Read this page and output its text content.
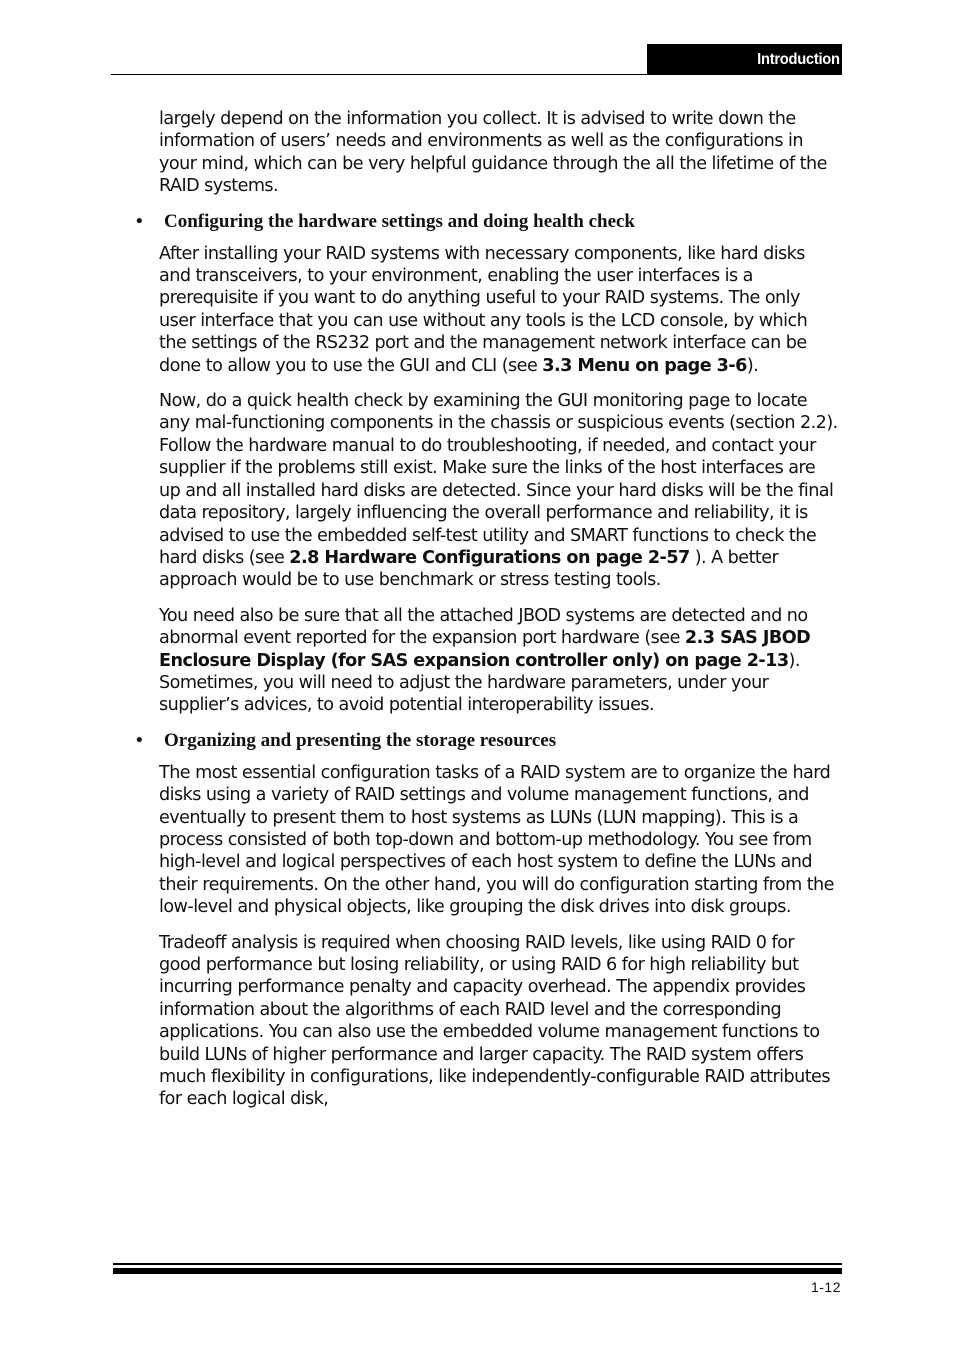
Introduction

largely depend on the information you collect. It is advised to write down the information of users’ needs and environments as well as the configurations in your mind, which can be very helpful guidance through the all the lifetime of the RAID systems.

• Configuring the hardware settings and doing health check

After installing your RAID systems with necessary components, like hard disks and transceivers, to your environment, enabling the user interfaces is a prerequisite if you want to do anything useful to your RAID systems. The only user interface that you can use without any tools is the LCD console, by which the settings of the RS232 port and the management network interface can be done to allow you to use the GUI and CLI (see 3.3 Menu on page 3-6).

Now, do a quick health check by examining the GUI monitoring page to locate any mal-functioning components in the chassis or suspicious events (section 2.2). Follow the hardware manual to do troubleshooting, if needed, and contact your supplier if the problems still exist. Make sure the links of the host interfaces are up and all installed hard disks are detected. Since your hard disks will be the final data repository, largely influencing the overall performance and reliability, it is advised to use the embedded self-test utility and SMART functions to check the hard disks (see 2.8 Hardware Configurations on page 2-57 ). A better approach would be to use benchmark or stress testing tools.

You need also be sure that all the attached JBOD systems are detected and no abnormal event reported for the expansion port hardware (see 2.3 SAS JBOD Enclosure Display (for SAS expansion controller only) on page 2-13). Sometimes, you will need to adjust the hardware parameters, under your supplier’s advices, to avoid potential interoperability issues.

• Organizing and presenting the storage resources

The most essential configuration tasks of a RAID system are to organize the hard disks using a variety of RAID settings and volume management functions, and eventually to present them to host systems as LUNs (LUN mapping). This is a process consisted of both top-down and bottom-up methodology. You see from high-level and logical perspectives of each host system to define the LUNs and their requirements. On the other hand, you will do configuration starting from the low-level and physical objects, like grouping the disk drives into disk groups.

Tradeoff analysis is required when choosing RAID levels, like using RAID 0 for good performance but losing reliability, or using RAID 6 for high reliability but incurring performance penalty and capacity overhead. The appendix provides information about the algorithms of each RAID level and the corresponding applications. You can also use the embedded volume management functions to build LUNs of higher performance and larger capacity. The RAID system offers much flexibility in configurations, like independently-configurable RAID attributes for each logical disk,

1-12
